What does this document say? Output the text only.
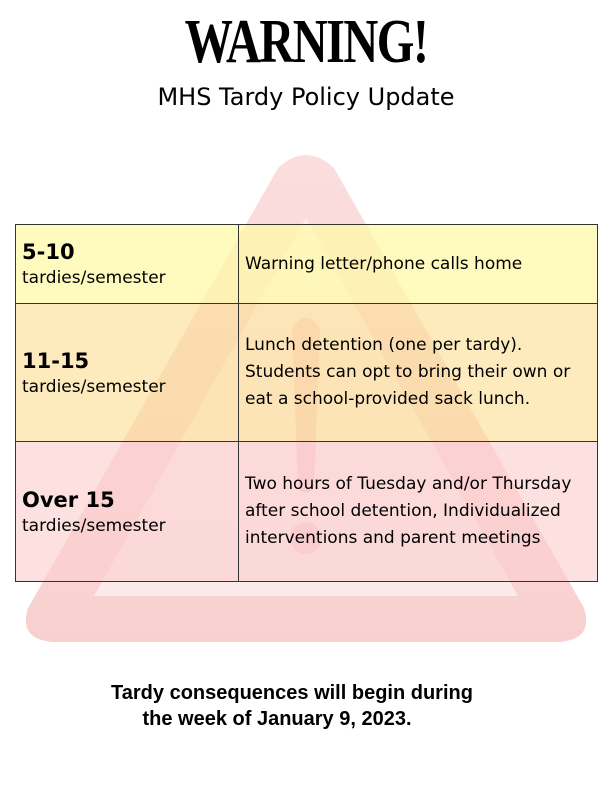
WARNING!
MHS Tardy Policy Update
5-10
tardies/semester	Warning letter/phone calls home

11-15
tardies/semester	Lunch detention (one per tardy). Students can opt to bring their own or eat a school-provided sack lunch.

Over 15
tardies/semester	Two hours of Tuesday and/or Thursday after school detention, Individualized interventions and parent meetings
Tardy consequences will begin during
the week of January 9, 2023.
